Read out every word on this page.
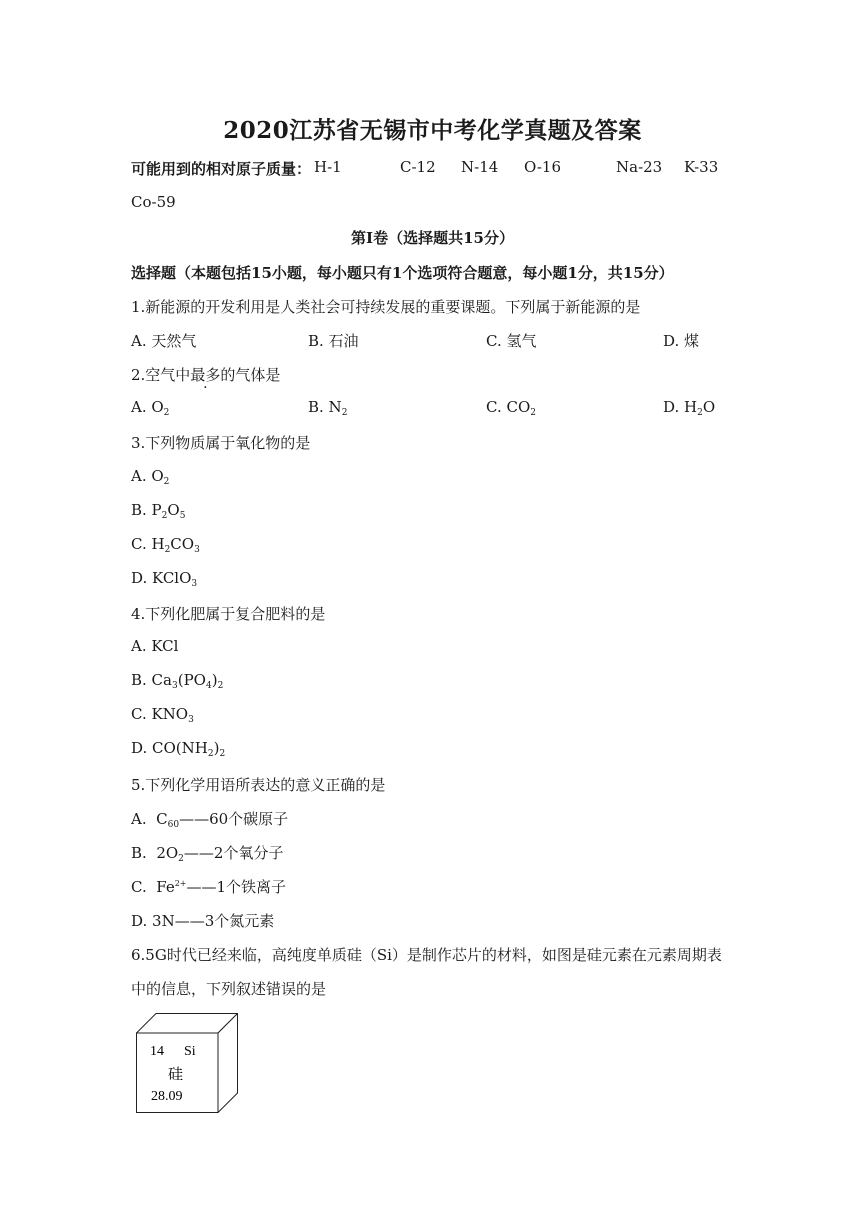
2020江苏省无锡市中考化学真题及答案
可能用到的相对原子质量： H-1	C-12 N-14 O-16	Na-23 K-33
Co-59
第Ⅰ卷（选择题共15分）
选择题（本题包括15小题，每小题只有1个选项符合题意，每小题1分，共15分）
1.新能源的开发利用是人类社会可持续发展的重要课题。下列属于新能源的是
A. 天然气	B. 石油	C. 氢气	D. 煤
2.空气中最多的气体是
A. $O_2$	B. $N_2$	C. $CO_2$	D. $H_2O$
3.下列物质属于氧化物的是
A. $O_2$
B. $P_2O_5$
C. $H_2CO_3$
D. KClO$_3$
4.下列化肥属于复合肥料的是
A. KCl
B. $Ca_3(PO_4)_2$
C. $KNO_3$
D. $CO(NH_2)_2$
5.下列化学用语所表达的意义正确的是
A.  $C_{60}——60$个碳原子
B.  $2O_2——2$个氧分子
C.  $Fe^{2+}——1$个铁离子
D. 3N——3个氮元素
6.5G时代已经来临，高纯度单质硅（Si）是制作芯片的材料，如图是硅元素在元素周期表
中的信息，下列叙述错误的是
14 Si
硅
28.09
